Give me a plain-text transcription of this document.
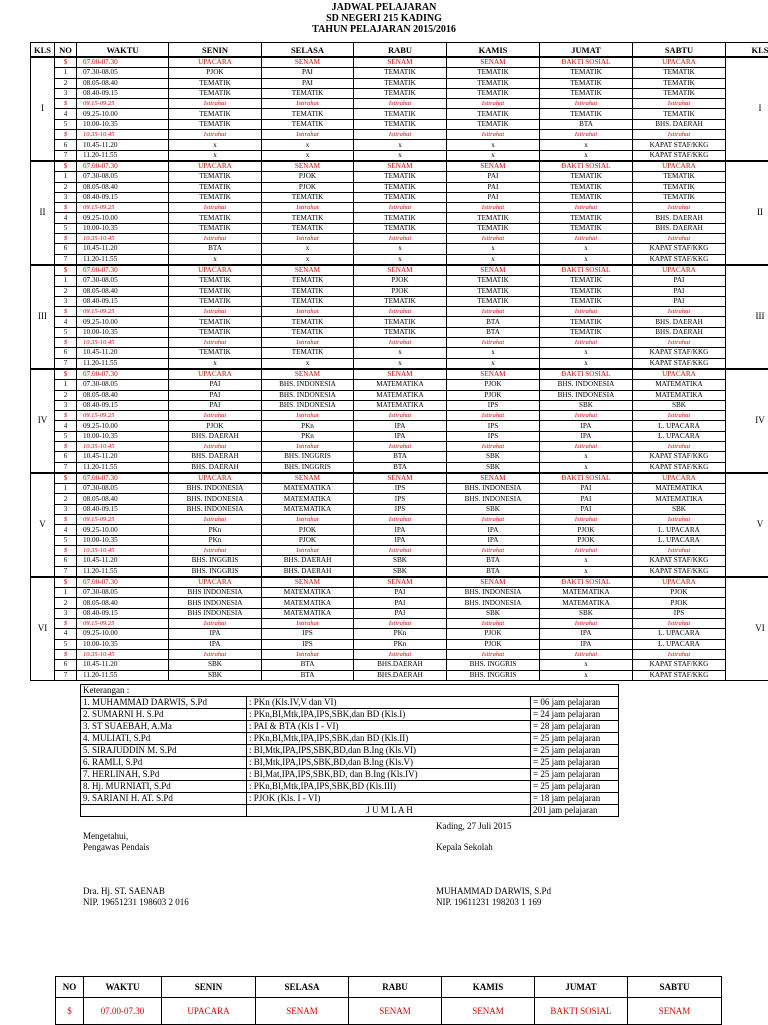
JADWAL PELAJARAN
SD NEGERI 215 KADING
TAHUN PELAJARAN 2015/2016
KLS	NO	WAKTU	SENIN	SELASA	RABU	KAMIS	JUMAT	SABTU	KLS
I	$	07.00-07.30	UPACARA	SENAM	SENAM	SENAM	BAKTI SOSIAL	UPACARA	I
	1	07.30-08.05	PJOK	PAI	TEMATIK	TEMATIK	TEMATIK	TEMATIK	
	2	08.05-08.40	TEMATIK	PAI	TEMATIK	TEMATIK	TEMATIK	TEMATIK	
	3	08.40-09.15	TEMATIK	TEMATIK	TEMATIK	TEMATIK	TEMATIK	TEMATIK	
	$	09.15-09.25	Istirahat	Istirahat	Istirahat	Istirahat	Istirahat	Istirahat	
	4	09.25-10.00	TEMATIK	TEMATIK	TEMATIK	TEMATIK	TEMATIK	TEMATIK	
	5	10.00-10.35	TEMATIK	TEMATIK	TEMATIK	TEMATIK	BTA	BHS. DAERAH	
	$	10.35-10.45	Istirahat	Istirahat	Istirahat	Istirahat	Istirahat	Istirahat	
	6	10.45-11.20	x	x	x	x	x	KAPAT STAF/KKG	
	7	11.20-11.55	x	x	x	x	x	KAPAT STAF/KKG	
II	$	07.00-07.30	UPACARA	SENAM	SENAM	SENAM	BAKTI SOSIAL	UPACARA	II
	1	07.30-08.05	TEMATIK	PJOK	TEMATIK	PAI	TEMATIK	TEMATIK	
	2	08.05-08.40	TEMATIK	PJOK	TEMATIK	PAI	TEMATIK	TEMATIK	
	3	08.40-09.15	TEMATIK	TEMATIK	TEMATIK	PAI	TEMATIK	TEMATIK	
	$	09.15-09.25	Istirahat	Istirahat	Istirahat	Istirahat	Istirahat	Istirahat	
	4	09.25-10.00	TEMATIK	TEMATIK	TEMATIK	TEMATIK	TEMATIK	BHS. DAERAH	
	5	10.00-10.35	TEMATIK	TEMATIK	TEMATIK	TEMATIK	TEMATIK	BHS. DAERAH	
	$	10.35-10.45	Istirahat	Istirahat	Istirahat	Istirahat	Istirahat	Istirahat	
	6	10.45-11.20	BTA	x	x	x	x	KAPAT STAF/KKG	
	7	11.20-11.55	x	x	x	x	x	KAPAT STAF/KKG	
III	$	07.00-07.30	UPACARA	SENAM	SENAM	SENAM	BAKTI SOSIAL	UPACARA	III
	1	07.30-08.05	TEMATIK	TEMATIK	PJOK	TEMATIK	TEMATIK	PAI	
	2	08.05-08.40	TEMATIK	TEMATIK	PJOK	TEMATIK	TEMATIK	PAI	
	3	08.40-09.15	TEMATIK	TEMATIK	TEMATIK	TEMATIK	TEMATIK	PAI	
	$	09.15-09.25	Istirahat	Istirahat	Istirahat	Istirahat	Istirahat	Istirahat	
	4	09.25-10.00	TEMATIK	TEMATIK	TEMATIK	BTA	TEMATIK	BHS. DAERAH	
	5	10.00-10.35	TEMATIK	TEMATIK	TEMATIK	BTA	TEMATIK	BHS. DAERAH	
	$	10.35-10.45	Istirahat	Istirahat	Istirahat	Istirahat	Istirahat	Istirahat	
	6	10.45-11.20	TEMATIK	TEMATIK	x	x	x	KAPAT STAF/KKG	
	7	11.20-11.55	x	x	x	x	x	KAPAT STAF/KKG	
IV	$	07.00-07.30	UPACARA	SENAM	SENAM	SENAM	BAKTI SOSIAL	UPACARA	IV
	1	07.30-08.05	PAI	BHS. INDONESIA	MATEMATIKA	PJOK	BHS. INDONESIA	MATEMATIKA	
	2	08.05-08.40	PAI	BHS. INDONESIA	MATEMATIKA	PJOK	BHS. INDONESIA	MATEMATIKA	
	3	08.40-09.15	PAI	BHS. INDONESIA	MATEMATIKA	IPS	SBK	SBK	
	$	09.15-09.25	Istirahat	Istirahat	Istirahat	Istirahat	Istirahat	Istirahat	
	4	09.25-10.00	PJOK	PKn	IPA	IPS	IPA	L. UPACARA	
	5	10.00-10.35	BHS. DAERAH	PKn	IPA	IPS	IPA	L. UPACARA	
	$	10.35-10.45	Istirahat	Istirahat	Istirahat	Istirahat	Istirahat	Istirahat	
	6	10.45-11.20	BHS. DAERAH	BHS. INGGRIS	BTA	SBK	x	KAPAT STAF/KKG	
	7	11.20-11.55	BHS. DAERAH	BHS. INGGRIS	BTA	SBK	x	KAPAT STAF/KKG	
V	$	07.00-07.30	UPACARA	SENAM	SENAM	SENAM	BAKTI SOSIAL	UPACARA	V
	1	07.30-08.05	BHS. INDONESIA	MATEMATIKA	IPS	BHS. INDONESIA	PAI	MATEMATIKA	
	2	08.05-08.40	BHS. INDONESIA	MATEMATIKA	IPS	BHS. INDONESIA	PAI	MATEMATIKA	
	3	08.40-09.15	BHS. INDONESIA	MATEMATIKA	IPS	SBK	PAI	SBK	
	$	09.15-09.25	Istirahat	Istirahat	Istirahat	Istirahat	Istirahat	Istirahat	
	4	09.25-10.00	PKn	PJOK	IPA	IPA	PJOK	L. UPACARA	
	5	10.00-10.35	PKn	PJOK	IPA	IPA	PJOK	L. UPACARA	
	$	10.35-10.45	Istirahat	Istirahat	Istirahat	Istirahat	Istirahat	Istirahat	
	6	10.45-11.20	BHS. INGGRIS	BHS. DAERAH	SBK	BTA	x	KAPAT STAF/KKG	
	7	11.20-11.55	BHS. INGGRIS	BHS. DAERAH	SBK	BTA	x	KAPAT STAF/KKG	
VI	$	07.00-07.30	UPACARA	SENAM	SENAM	SENAM	BAKTI SOSIAL	UPACARA	VI
	1	07.30-08.05	BHS INDONESIA	MATEMATIKA	PAI	BHS. INDONESIA	MATEMATIKA	PJOK	
	2	08.05-08.40	BHS INDONESIA	MATEMATIKA	PAI	BHS. INDONESIA	MATEMATIKA	PJOK	
	3	08.40-09.15	BHS INDONESIA	MATEMATIKA	PAI	SBK	SBK	IPS	
	$	09.15-09.25	Istirahat	Istirahat	Istirahat	Istirahat	Istirahat	Istirahat	
	4	09.25-10.00	IPA	IPS	PKn	PJOK	IPA	L. UPACARA	
	5	10.00-10.35	IPA	IPS	PKn	PJOK	IPA	L. UPACARA	
	$	10.35-10.45	Istirahat	Istirahat	Istirahat	Istirahat	Istirahat	Istirahat	
	6	10.45-11.20	SBK	BTA	BHS.DAERAH	BHS. INGGRIS	x	KAPAT STAF/KKG	
	7	11.20-11.55	SBK	BTA	BHS.DAERAH	BHS. INGGRIS	x	KAPAT STAF/KKG	
Keterangan :		
1. MUHAMMAD DARWIS, S.Pd	: PKn (Kls.IV,V dan VI)	= 06 jam pelajaran
2. SUMARNI H. S.Pd	: PKn,BI,Mtk,IPA,IPS,SBK,dan BD (Kls.I)	= 24 jam pelajaran
3. ST SUAEBAH, A.Ma	: PAI & BTA (Kls I - VI)	= 28 jam pelajaran
4. MULIATI, S.Pd	: PKn,BI,Mtk,IPA,IPS,SBK,dan BD (Kls.II)	= 25 jam pelajaran
5. SIRAJUDDIN M. S.Pd	: BI,Mtk,IPA,IPS,SBK,BD,dan B.Ing (Kls.VI)	= 25 jam pelajaran
6. RAMLI, S.Pd	: BI,Mtk,IPA,IPS,SBK,BD,dan B.Ing (Kls.V)	= 25 jam pelajaran
7. HERLINAH, S.Pd	: BI,Mat,IPA,IPS,SBK,BD, dan B.Ing (Kls.IV)	= 25 jam pelajaran
8. Hj. MURNIATI, S.Pd	: PKn,BI,Mtk,IPA,IPS,SBK,BD (Kls.III)	= 25 jam pelajaran
9. SARIANI H. AT. S.Pd	: PJOK (Kls. I - VI)	= 18 jam pelajaran
	J U M L A H	201 jam pelajaran
Kading, 27 Juli 2015
Mengetahui,
Pengawas Pendais	Kepala Sekolah
Dra. Hj. ST. SAENAB
NIP. 19651231 198603 2 016
MUHAMMAD DARWIS, S.Pd
NIP. 19611231 198203 1 169
NO	WAKTU	SENIN	SELASA	RABU	KAMIS	JUMAT	SABTU
$	07.00-07.30	UPACARA	SENAM	SENAM	SENAM	BAKTI SOSIAL	SENAM
